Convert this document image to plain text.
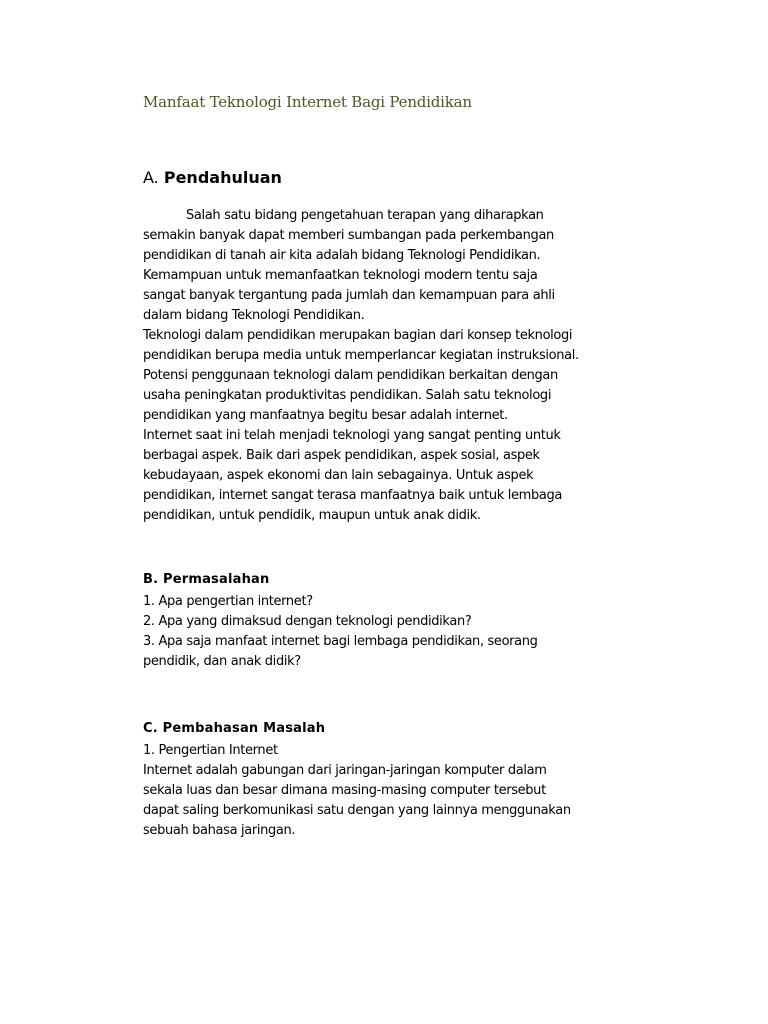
Manfaat Teknologi Internet Bagi Pendidikan
A. Pendahuluan
Salah satu bidang pengetahuan terapan yang diharapkan
semakin banyak dapat memberi sumbangan pada perkembangan
pendidikan di tanah air kita adalah bidang Teknologi Pendidikan.
Kemampuan untuk memanfaatkan teknologi modern tentu saja
sangat banyak tergantung pada jumlah dan kemampuan para ahli
dalam bidang Teknologi Pendidikan.
Teknologi dalam pendidikan merupakan bagian dari konsep teknologi
pendidikan berupa media untuk memperlancar kegiatan instruksional.
Potensi penggunaan teknologi dalam pendidikan berkaitan dengan
usaha peningkatan produktivitas pendidikan. Salah satu teknologi
pendidikan yang manfaatnya begitu besar adalah internet.
Internet saat ini telah menjadi teknologi yang sangat penting untuk
berbagai aspek. Baik dari aspek pendidikan, aspek sosial, aspek
kebudayaan, aspek ekonomi dan lain sebagainya. Untuk aspek
pendidikan, internet sangat terasa manfaatnya baik untuk lembaga
pendidikan, untuk pendidik, maupun untuk anak didik.
B. Permasalahan
1. Apa pengertian internet?
2. Apa yang dimaksud dengan teknologi pendidikan?
3. Apa saja manfaat internet bagi lembaga pendidikan, seorang
pendidik, dan anak didik?
C. Pembahasan Masalah
1. Pengertian Internet
Internet adalah gabungan dari jaringan-jaringan komputer dalam
sekala luas dan besar dimana masing-masing computer tersebut
dapat saling berkomunikasi satu dengan yang lainnya menggunakan
sebuah bahasa jaringan.
